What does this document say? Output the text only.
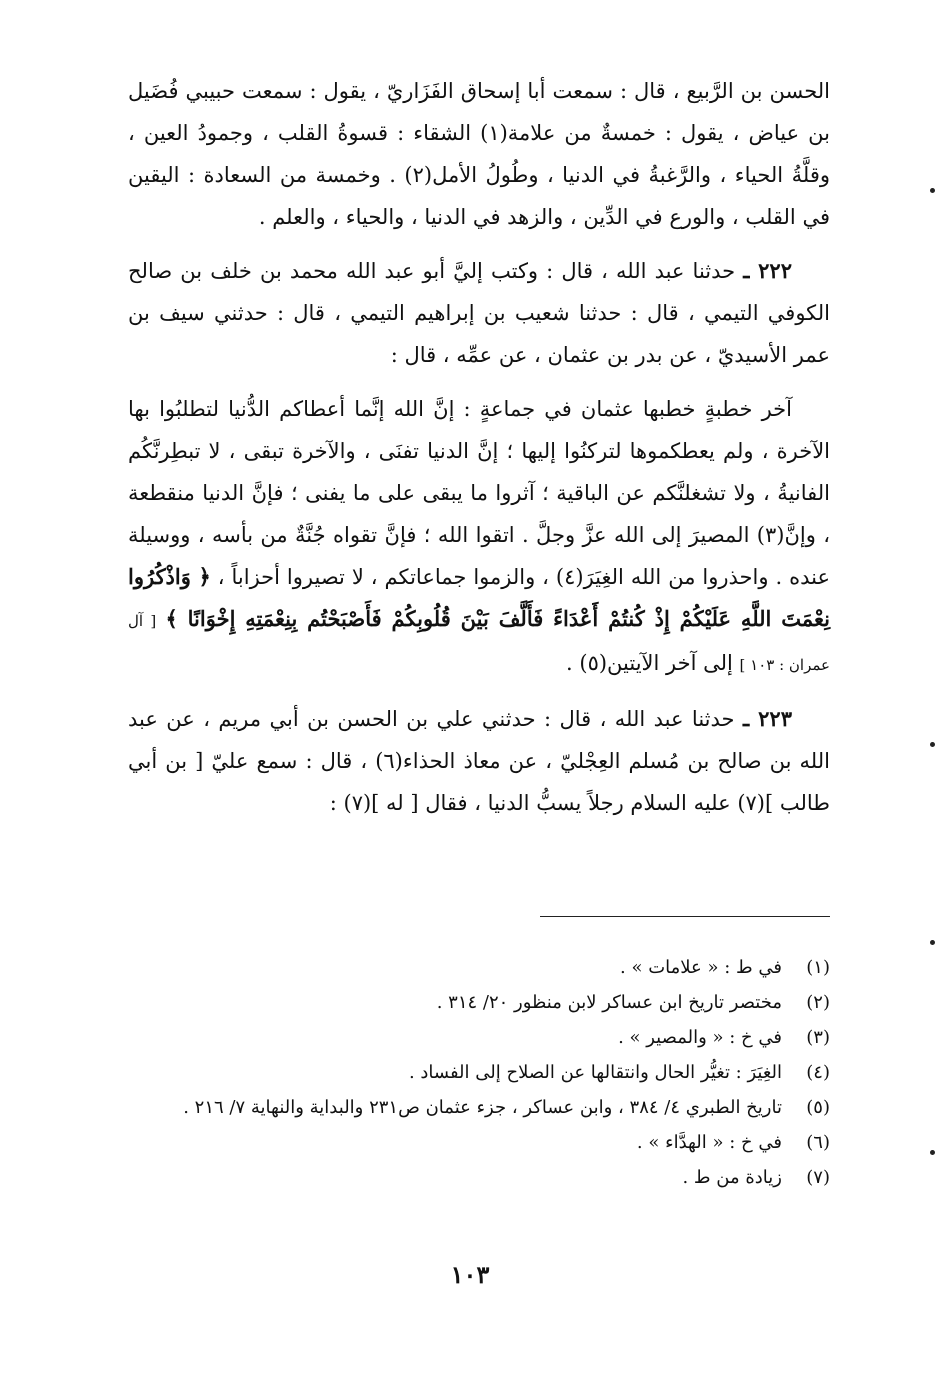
الحسن بن الرَّبيع ، قال : سمعت أبا إسحاق الفَزَاريّ ، يقول : سمعت حبيبي فُضَيل بن عياض ، يقول : خمسةٌ من علامة(١) الشقاء : قسوةُ القلب ، وجمودُ العين ، وقلَّةُ الحياء ، والرَّغبةُ في الدنيا ، وطُولُ الأمل(٢) . وخمسة من السعادة : اليقين في القلب ، والورع في الدِّين ، والزهد في الدنيا ، والحياء ، والعلم .

٢٢٢ ـ حدثنا عبد الله ، قال : وكتب إليَّ أبو عبد الله محمد بن خلف بن صالح الكوفي التيمي ، قال : حدثنا شعيب بن إبراهيم التيمي ، قال : حدثني سيف بن عمر الأسيديّ ، عن بدر بن عثمان ، عن عمِّه ، قال :

آخر خطبةٍ خطبها عثمان في جماعةٍ : إنَّ الله إنَّما أعطاكم الدُّنيا لتطلبُوا بها الآخرة ، ولم يعطكموها لتركنُوا إليها ؛ إنَّ الدنيا تفنَى ، والآخرة تبقى ، لا تبطِرنَّكُم الفانيةُ ، ولا تشغلنَّكم عن الباقية ؛ آثروا ما يبقى على ما يفنى ؛ فإنَّ الدنيا منقطعة ، وإنَّ(٣) المصيرَ إلى الله عزَّ وجلَّ . اتقوا الله ؛ فإنَّ تقواه جُنَّةٌ من بأسه ، ووسيلة عنده . واحذروا من الله الغِيَرَ(٤) ، والزموا جماعاتكم ، لا تصيروا أحزاباً ، ﴿ وَاذْكُرُوا نِعْمَتَ اللَّهِ عَلَيْكُمْ إِذْ كُنتُمْ أَعْدَاءً فَأَلَّفَ بَيْنَ قُلُوبِكُمْ فَأَصْبَحْتُم بِنِعْمَتِهِ إِخْوَانًا ﴾ [ آل عمران : ١٠٣ ] إلى آخر الآيتين(٥) .

٢٢٣ ـ حدثنا عبد الله ، قال : حدثني علي بن الحسن بن أبي مريم ، عن عبد الله بن صالح بن مُسلم العِجْليّ ، عن معاذ الحذاء(٦) ، قال : سمع عليّ [ بن أبي طالب ](٧) عليه السلام رجلاً يسبُّ الدنيا ، فقال [ له ](٧) :

(١)
في ط : « علامات » .
(٢)
مختصر تاريخ ابن عساكر لابن منظور ٢٠/ ٣١٤ .
(٣)
في خ : « والمصير » .
(٤)
الغِيَرَ : تغيُّر الحال وانتقالها عن الصلاح إلى الفساد .
(٥)
تاريخ الطبري ٤/ ٣٨٤ ، وابن عساكر ، جزء عثمان ص٢٣١ والبداية والنهاية ٧/ ٢١٦ .
(٦)
في خ : « الهدَّاء » .
(٧)
زيادة من ط .
١٠٣
